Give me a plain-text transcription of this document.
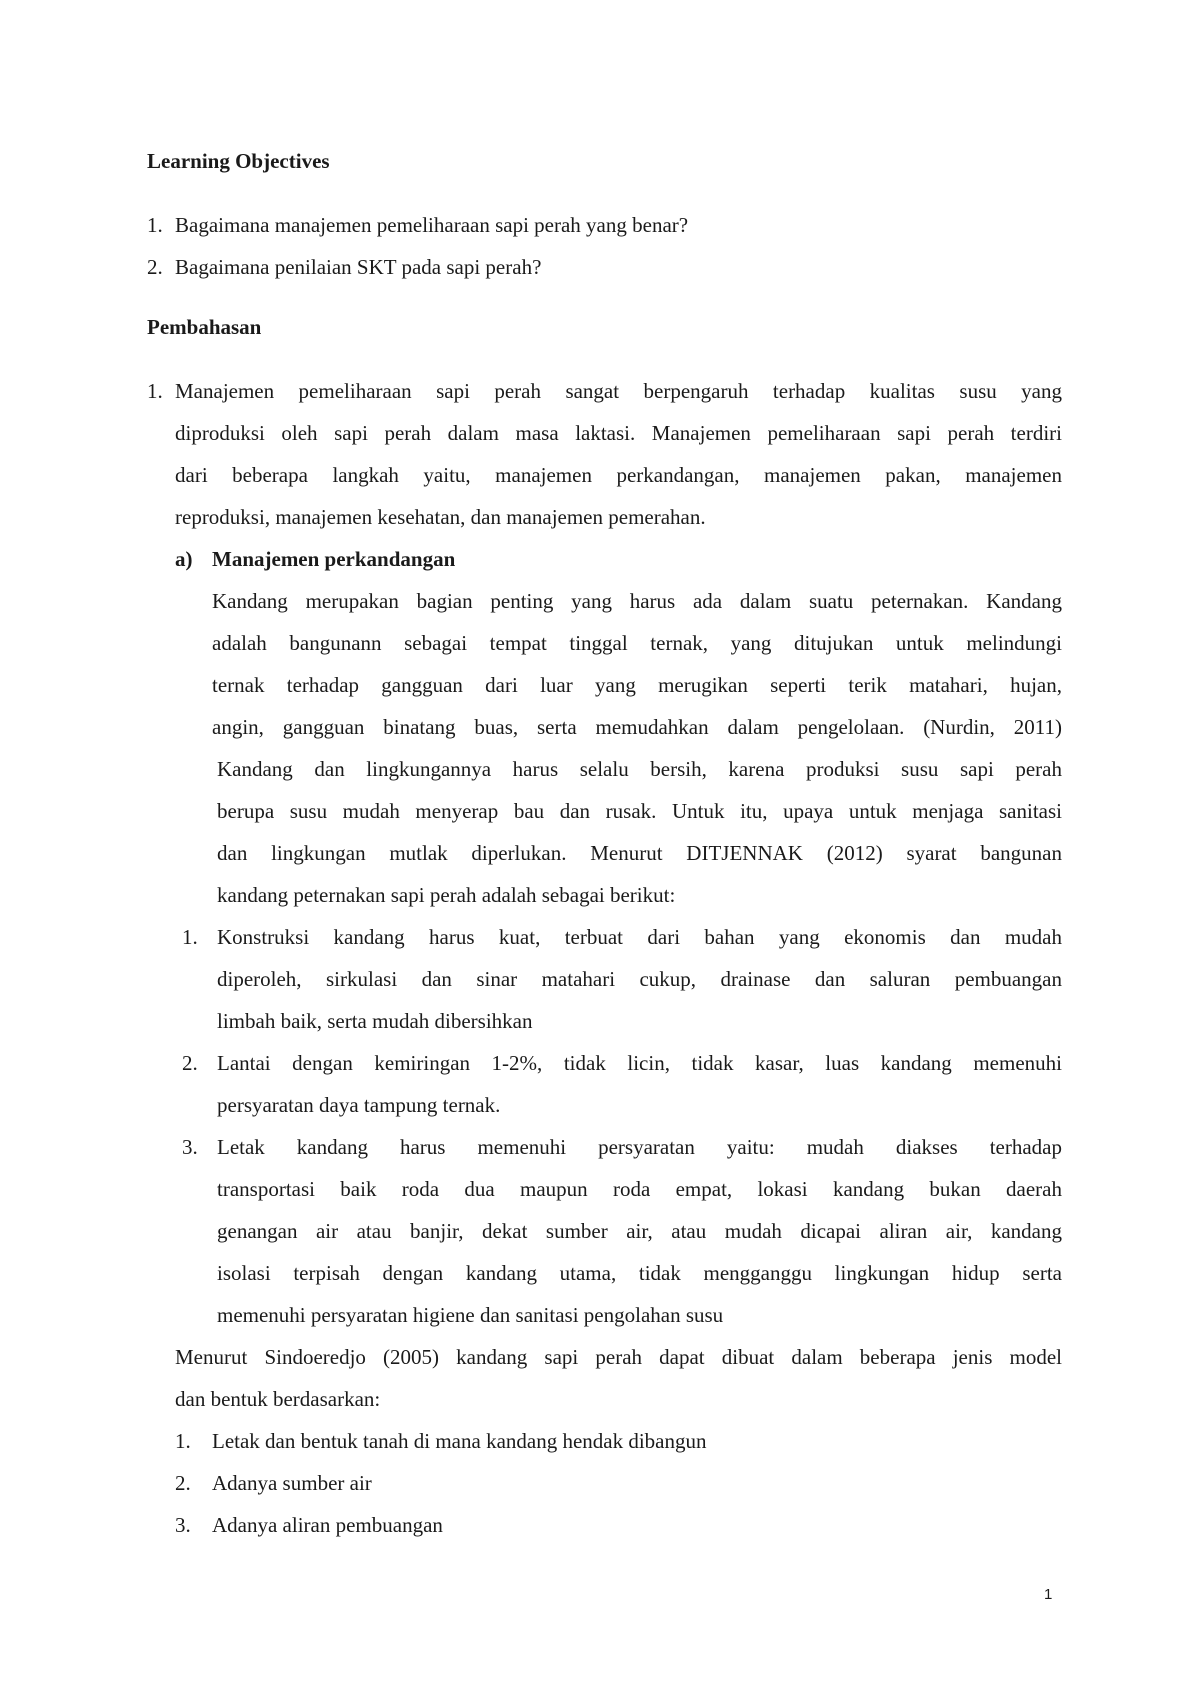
Learning Objectives
1. Bagaimana manajemen pemeliharaan sapi perah yang benar?
2. Bagaimana penilaian SKT pada sapi perah?
Pembahasan
1. Manajemen pemeliharaan sapi perah sangat berpengaruh terhadap kualitas susu yang
diproduksi oleh sapi perah dalam masa laktasi. Manajemen pemeliharaan sapi perah terdiri
dari beberapa langkah yaitu, manajemen perkandangan, manajemen pakan, manajemen
reproduksi, manajemen kesehatan, dan manajemen pemerahan.
a) Manajemen perkandangan
Kandang merupakan bagian penting yang harus ada dalam suatu peternakan. Kandang
adalah bangunann sebagai tempat tinggal ternak, yang ditujukan untuk melindungi
ternak terhadap gangguan dari luar yang merugikan seperti terik matahari, hujan,
angin, gangguan binatang buas, serta memudahkan dalam pengelolaan. (Nurdin, 2011)
Kandang dan lingkungannya harus selalu bersih, karena produksi susu sapi perah
berupa susu mudah menyerap bau dan rusak. Untuk itu, upaya untuk menjaga sanitasi
dan lingkungan mutlak diperlukan. Menurut DITJENNAK (2012) syarat bangunan
kandang peternakan sapi perah adalah sebagai berikut:
1. Konstruksi kandang harus kuat, terbuat dari bahan yang ekonomis dan mudah
diperoleh, sirkulasi dan sinar matahari cukup, drainase dan saluran pembuangan
limbah baik, serta mudah dibersihkan
2. Lantai dengan kemiringan 1-2%, tidak licin, tidak kasar, luas kandang memenuhi
persyaratan daya tampung ternak.
3. Letak kandang harus memenuhi persyaratan yaitu: mudah diakses terhadap
transportasi baik roda dua maupun roda empat, lokasi kandang bukan daerah
genangan air atau banjir, dekat sumber air, atau mudah dicapai aliran air, kandang
isolasi terpisah dengan kandang utama, tidak mengganggu lingkungan hidup serta
memenuhi persyaratan higiene dan sanitasi pengolahan susu
Menurut Sindoeredjo (2005) kandang sapi perah dapat dibuat dalam beberapa jenis model
dan bentuk berdasarkan:
1. Letak dan bentuk tanah di mana kandang hendak dibangun
2. Adanya sumber air
3. Adanya aliran pembuangan
1
